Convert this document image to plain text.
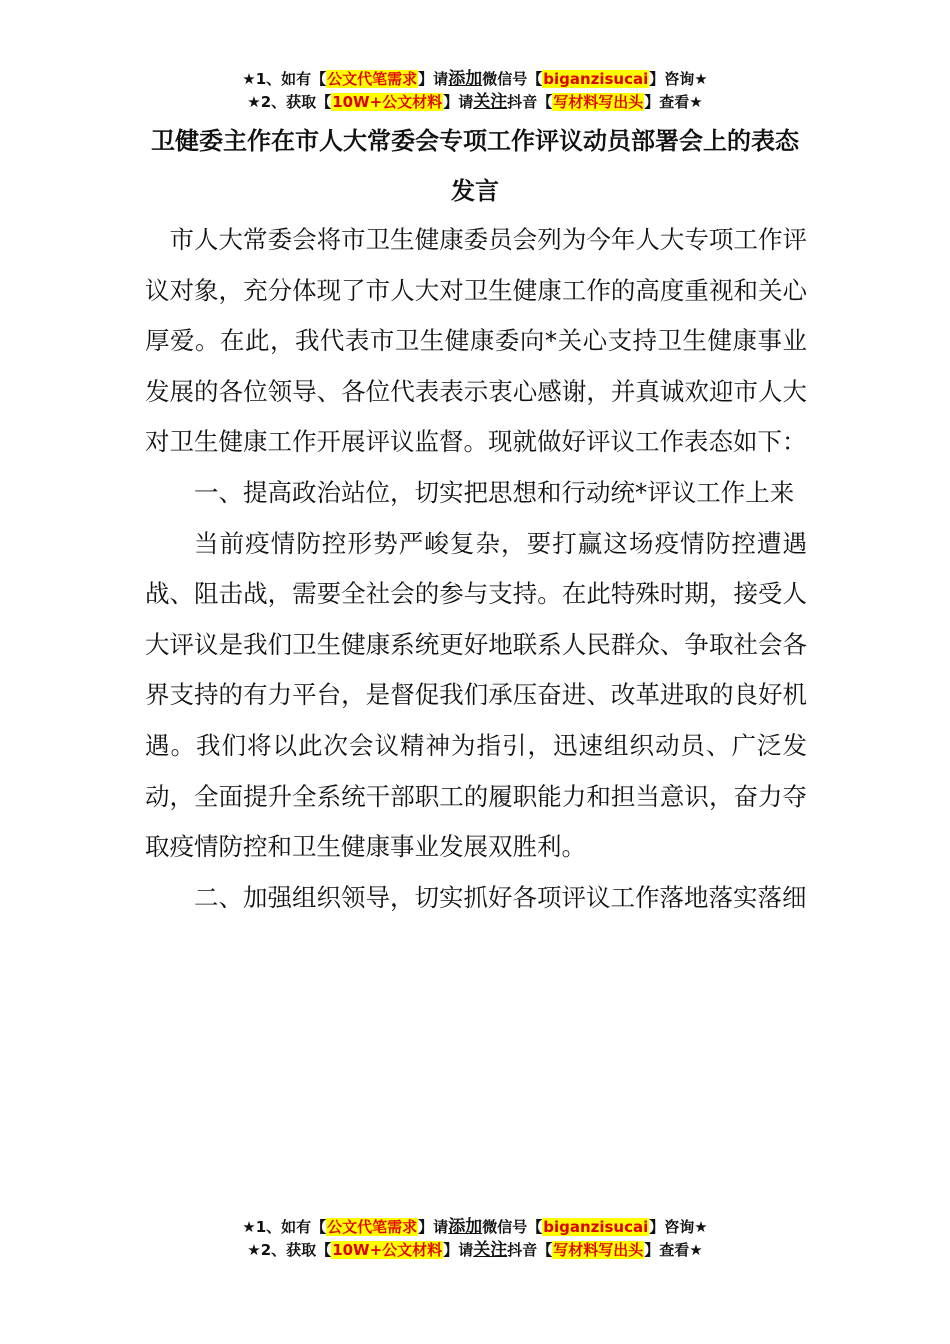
★1、如有【公文代笔需求】请添加微信号【biganzisucai】咨询★
★2、获取【10W+公文材料】请关注抖音【写材料写出头】查看★
卫健委主作在市人大常委会专项工作评议动员部署会上的表态发言

市人大常委会将市卫生健康委员会列为今年人大专项工作评议对象，充分体现了市人大对卫生健康工作的高度重视和关心厚爱。在此，我代表市卫生健康委向*关心支持卫生健康事业发展的各位领导、各位代表表示衷心感谢，并真诚欢迎市人大对卫生健康工作开展评议监督。现就做好评议工作表态如下：

一、提高政治站位，切实把思想和行动统*评议工作上来

当前疫情防控形势严峻复杂，要打赢这场疫情防控遭遇战、阻击战，需要全社会的参与支持。在此特殊时期，接受人大评议是我们卫生健康系统更好地联系人民群众、争取社会各界支持的有力平台，是督促我们承压奋进、改革进取的良好机遇。我们将以此次会议精神为指引，迅速组织动员、广泛发动，全面提升全系统干部职工的履职能力和担当意识，奋力夺取疫情防控和卫生健康事业发展双胜利。

二、加强组织领导，切实抓好各项评议工作落地落实落细

★1、如有【公文代笔需求】请添加微信号【biganzisucai】咨询★
★2、获取【10W+公文材料】请关注抖音【写材料写出头】查看★
